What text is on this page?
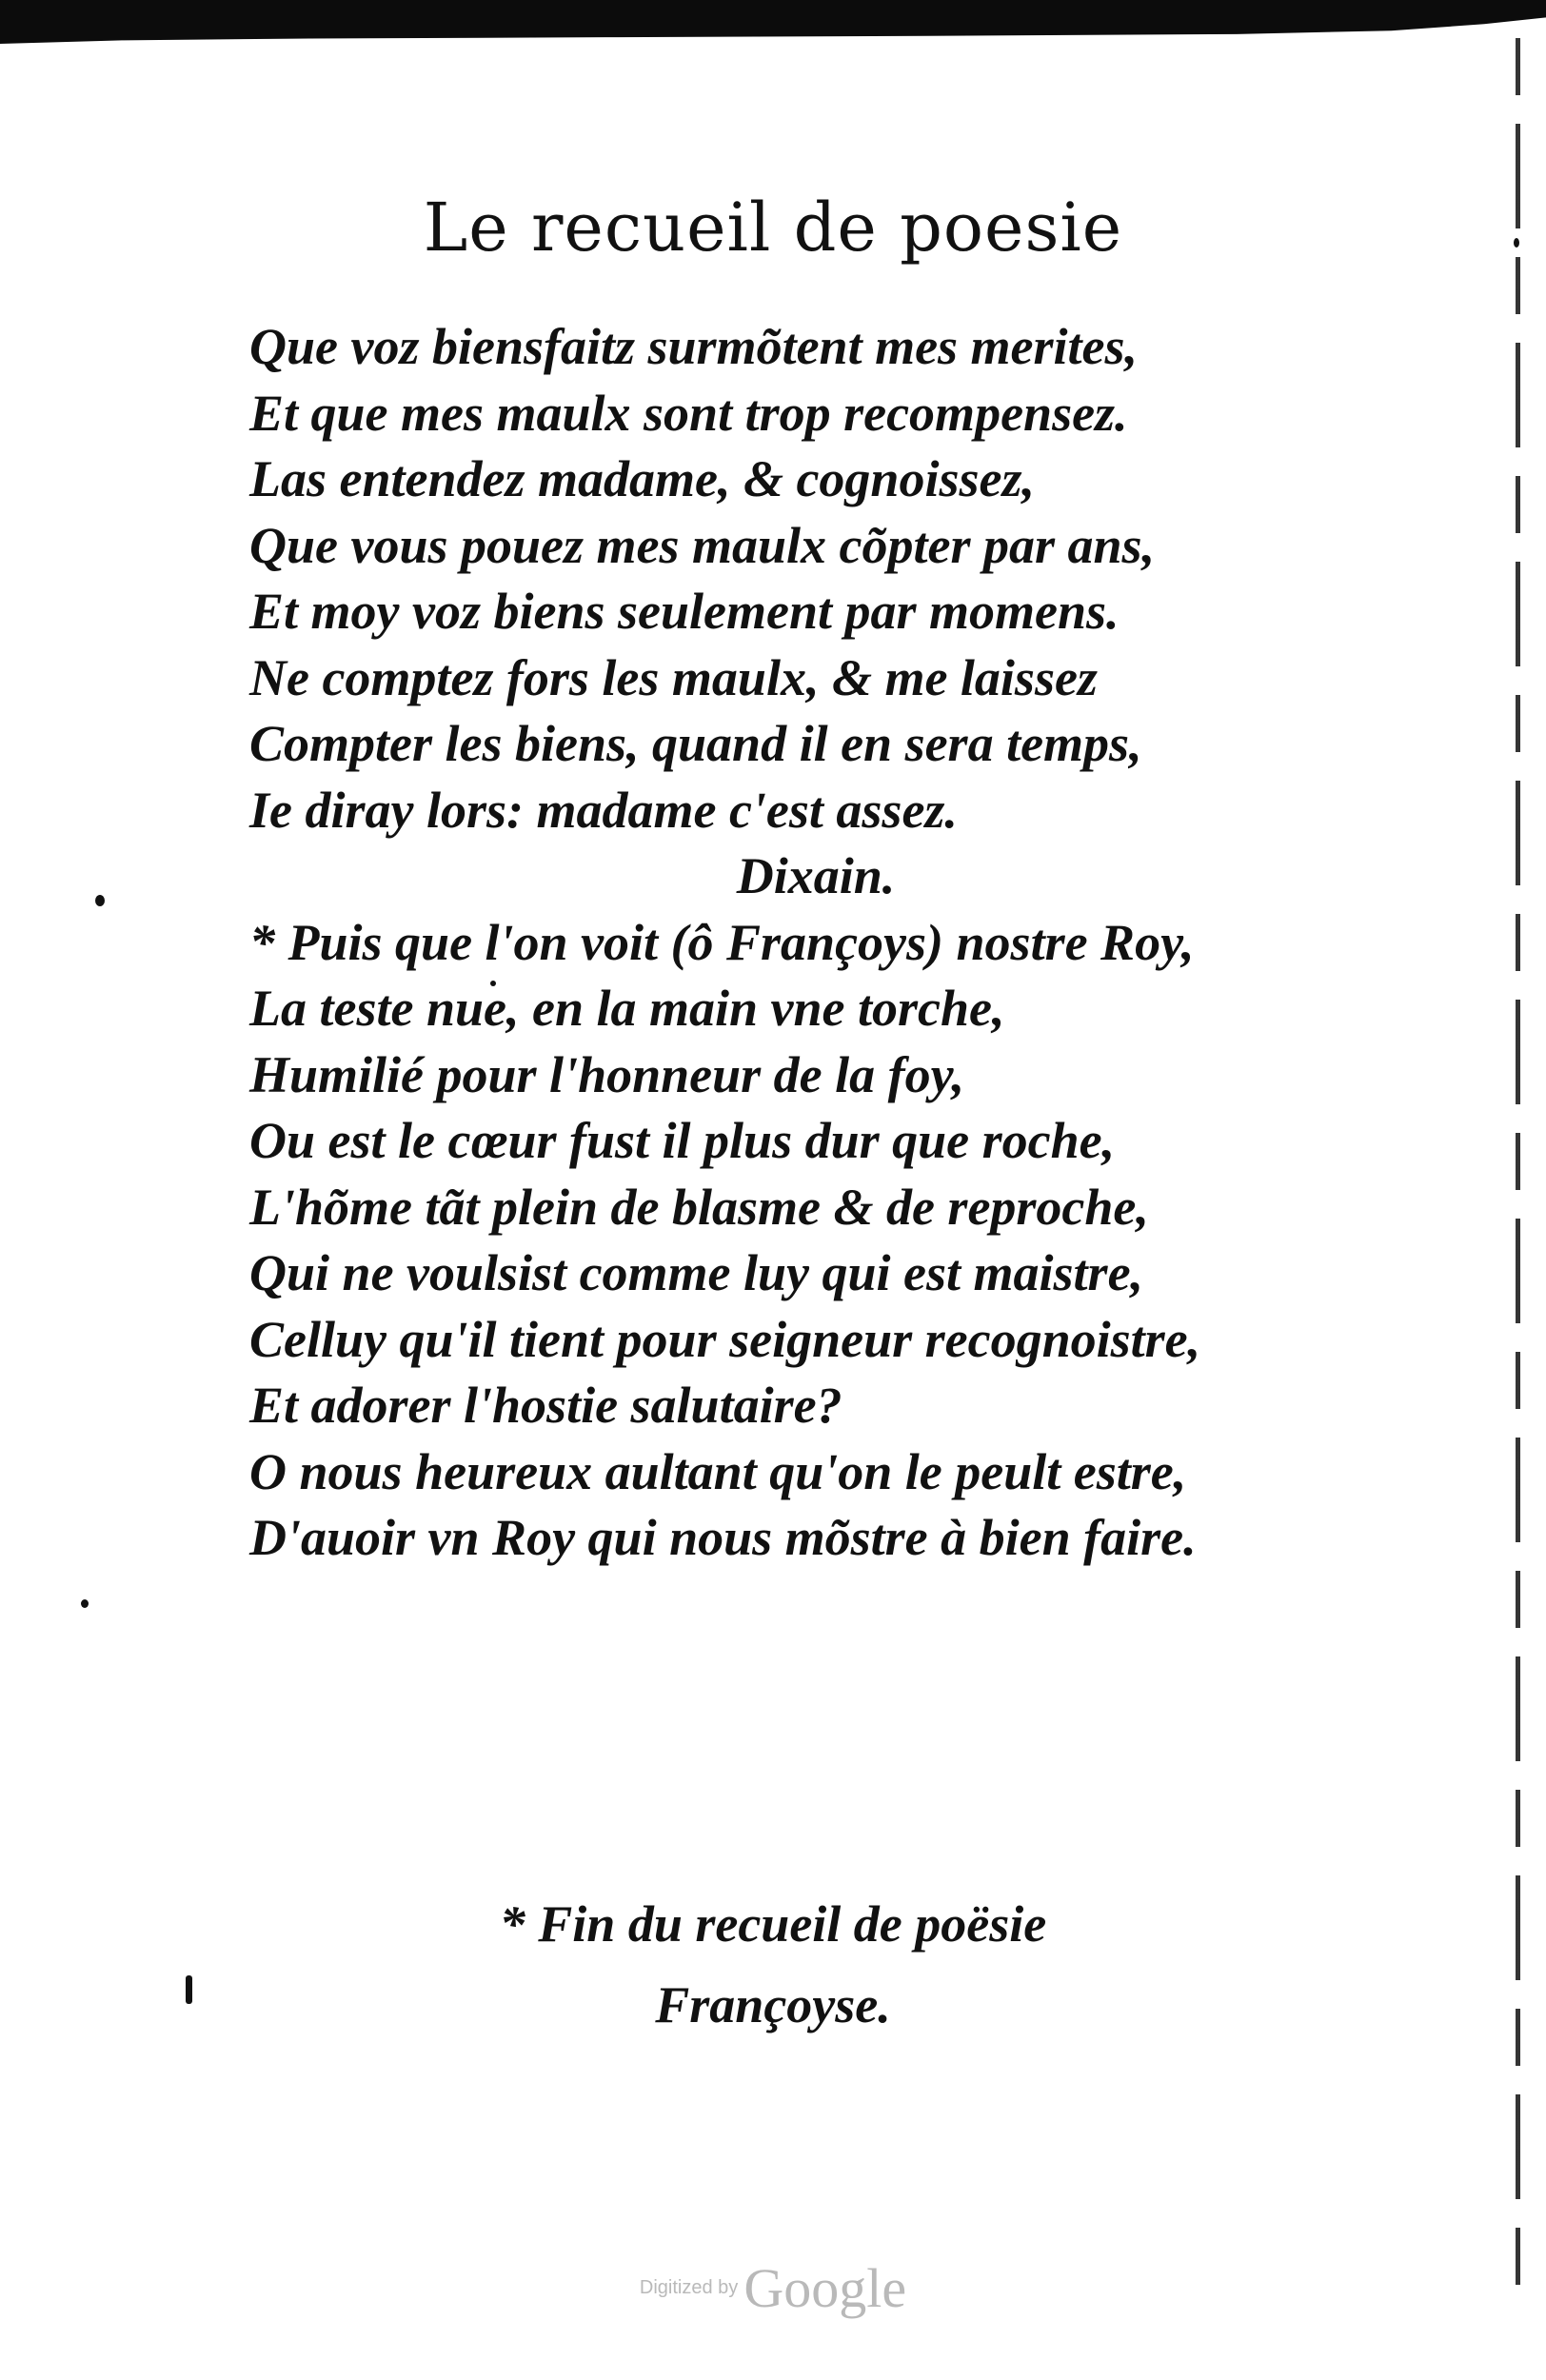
Le recueil de poesie
Que voz biensfaitz surmõtent mes merites,
Et que mes maulx sont trop recompensez.
Las entendez madame, & cognoissez,
Que vous pouez mes maulx cõpter par ans,
Et moy voz biens seulement par momens.
Ne comptez fors les maulx, & me laissez
Compter les biens, quand il en sera temps,
Ie diray lors: madame c'est assez.
Dixain.
* Puis que l'on voit (ô Françoys) nostre Roy,
La teste nue, en la main vne torche,
Humilié pour l'honneur de la foy,
Ou est le cœur fust il plus dur que roche,
L'hõme tãt plein de blasme & de reproche,
Qui ne voulsist comme luy qui est maistre,
Celluy qu'il tient pour seigneur recognoistre,
Et adorer l'hostie salutaire?
O nous heureux aultant qu'on le peult estre,
D'auoir vn Roy qui nous mõstre à bien faire.
* Fin du recueil de poësie
Françoyse.
Digitized by Google
